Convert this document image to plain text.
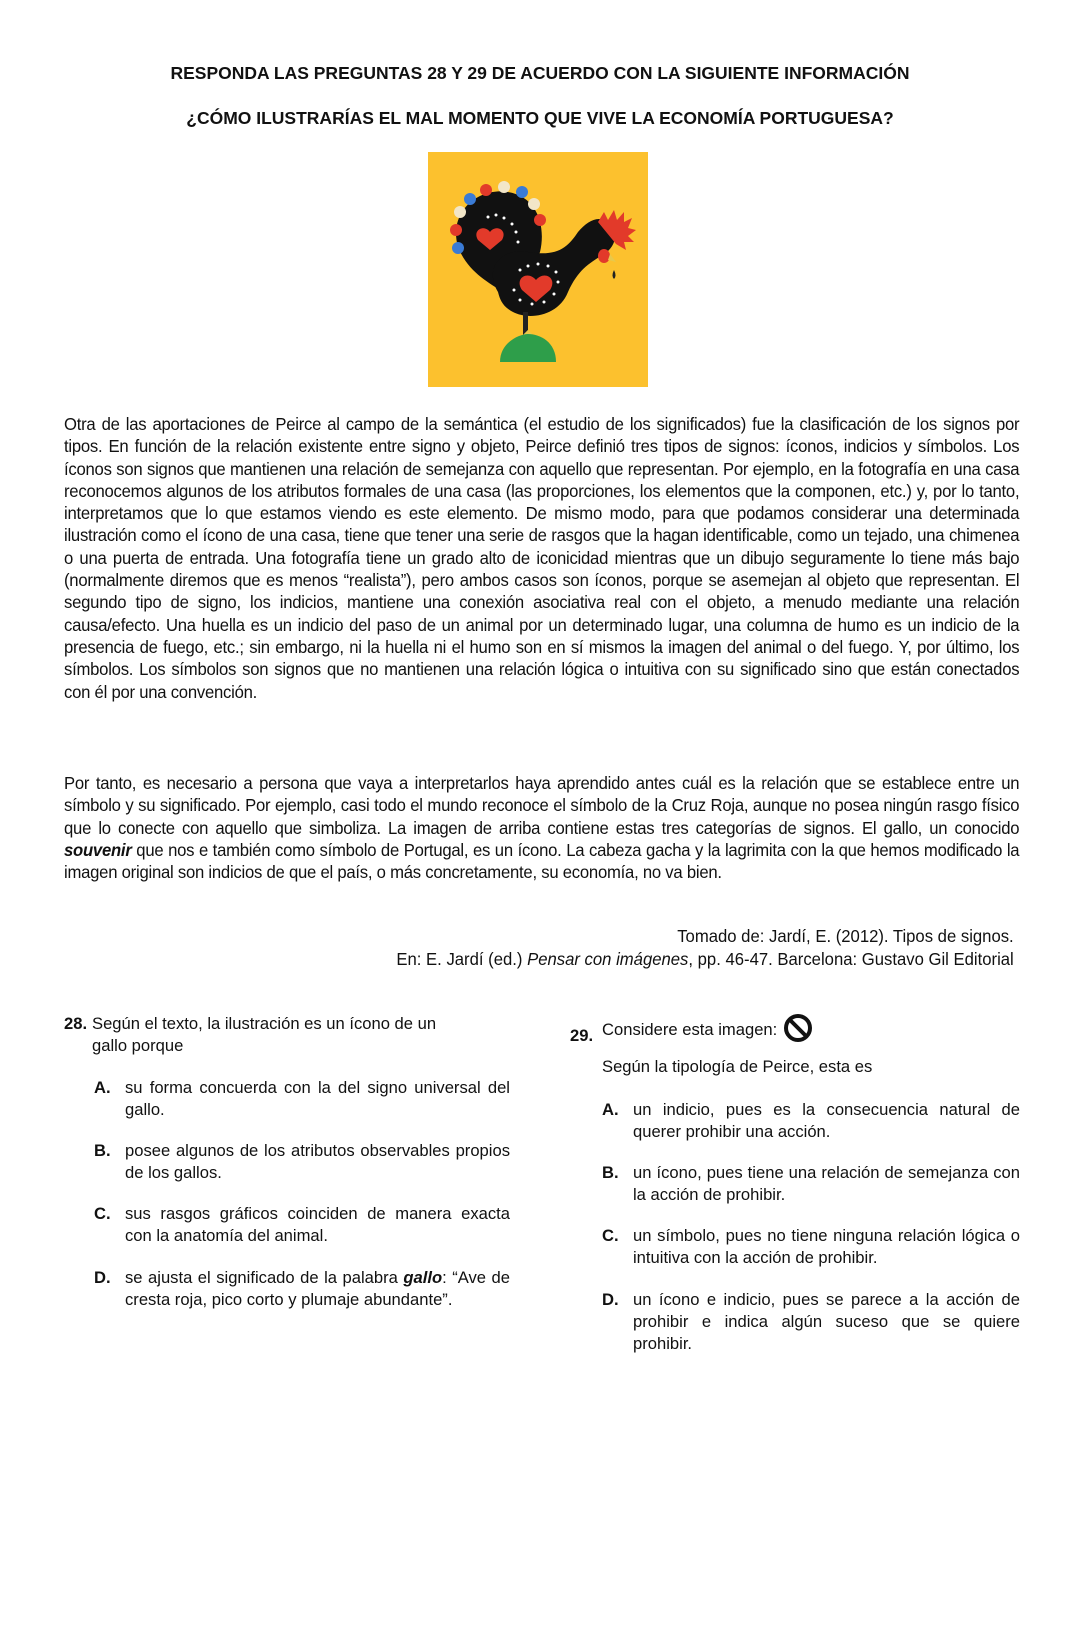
RESPONDA LAS PREGUNTAS 28 Y 29 DE ACUERDO CON LA SIGUIENTE INFORMACIÓN
¿CÓMO ILUSTRARÍAS EL MAL MOMENTO QUE VIVE LA ECONOMÍA PORTUGUESA?

Otra de las aportaciones de Peirce al campo de la semántica (el estudio de los significados) fue la clasificación de los signos por tipos. En función de la relación existente entre signo y objeto, Peirce definió tres tipos de signos: íconos, indicios y símbolos. Los íconos son signos que mantienen una relación de semejanza con aquello que representan. Por ejemplo, en la fotografía en una casa reconocemos algunos de los atributos formales de una casa (las proporciones, los elementos que la componen, etc.) y, por lo tanto, interpretamos que lo que estamos viendo es este elemento. De mismo modo, para que podamos considerar una determinada ilustración como el ícono de una casa, tiene que tener una serie de rasgos que la hagan identificable, como un tejado, una chimenea o una puerta de entrada. Una fotografía tiene un grado alto de iconicidad mientras que un dibujo seguramente lo tiene más bajo (normalmente diremos que es menos “realista”), pero ambos casos son íconos, porque se asemejan al objeto que representan. El segundo tipo de signo, los indicios, mantiene una conexión asociativa real con el objeto, a menudo mediante una relación causa/efecto. Una huella es un indicio del paso de un animal por un determinado lugar, una columna de humo es un indicio de la presencia de fuego, etc.; sin embargo, ni la huella ni el humo son en sí mismos la imagen del animal o del fuego. Y, por último, los símbolos. Los símbolos son signos que no mantienen una relación lógica o intuitiva con su significado sino que están conectados con él por una convención.

Por tanto, es necesario a persona que vaya a interpretarlos haya aprendido antes cuál es la relación que se establece entre un símbolo y su significado. Por ejemplo, casi todo el mundo reconoce el símbolo de la Cruz Roja, aunque no posea ningún rasgo físico que lo conecte con aquello que simboliza. La imagen de arriba contiene estas tres categorías de signos. El gallo, un conocido souvenir que nos e también como símbolo de Portugal, es un ícono. La cabeza gacha y la lagrimita con la que hemos modificado la imagen original son indicios de que el país, o más concretamente, su economía, no va bien.

Tomado de: Jardí, E. (2012). Tipos de signos.
En: E. Jardí (ed.) Pensar con imágenes, pp. 46-47. Barcelona: Gustavo Gil Editorial
28. Según el texto, la ilustración es un ícono de un gallo porque
A. su forma concuerda con la del signo universal del gallo.
B. posee algunos de los atributos observables propios de los gallos.
C. sus rasgos gráficos coinciden de manera exacta con la anatomía del animal.
D. se ajusta el significado de la palabra gallo: “Ave de cresta roja, pico corto y plumaje abundante”.
29. Considere esta imagen:
Según la tipología de Peirce, esta es
A. un indicio, pues es la consecuencia natural de querer prohibir una acción.
B. un ícono, pues tiene una relación de semejanza con la acción de prohibir.
C. un símbolo, pues no tiene ninguna relación lógica o intuitiva con la acción de prohibir.
D. un ícono e indicio, pues se parece a la acción de prohibir e indica algún suceso que se quiere prohibir.
